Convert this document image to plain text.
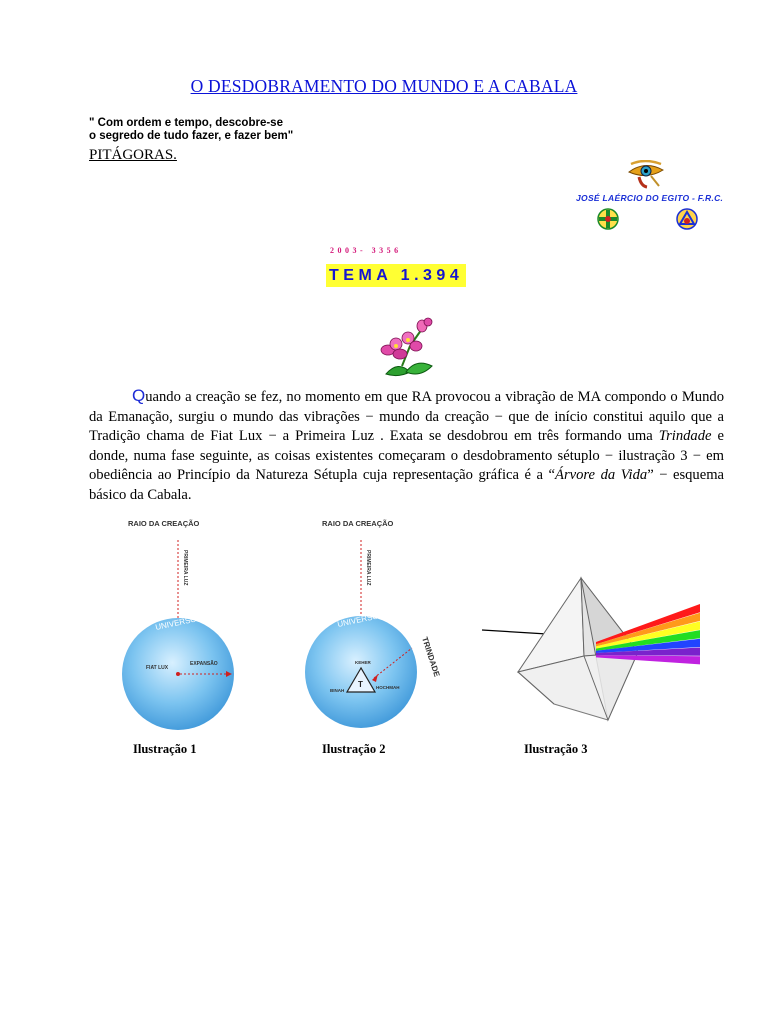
O DESDOBRAMENTO DO MUNDO E A CABALA
" Com ordem e tempo, descobre-se
o segredo de tudo fazer, e fazer bem"
PITÁGORAS.
JOSÉ LAÉRCIO DO EGITO - F.R.C.
2003- 3356
TEMA 1.394
Quando a creação se fez, no momento em que RA provocou a vibração de MA compondo o Mundo da Emanação, surgiu o mundo das vibrações − mundo da creação − que de início constitui aquilo que a Tradição chama de Fiat Lux − a Primeira Luz . Exata se desdobrou em três formando uma Trindade e donde, numa fase seguinte, as coisas existentes começaram o desdobramento sétuplo − ilustração 3 − em obediência ao Princípio da Natureza Sétupla cuja representação gráfica é a “Árvore da Vida” − esquema básico da Cabala.
RAIO DA CREAÇÃO
PRIMEIRA LUZ
UNIVERSO
FIAT LUX
EXPANSÃO
Ilustração 1
RAIO DA CREAÇÃO
PRIMEIRA LUZ
UNIVERSO
KEHER
T
BINAH
HOCHMAH
TRINDADE
Ilustração 2	Ilustração 3
